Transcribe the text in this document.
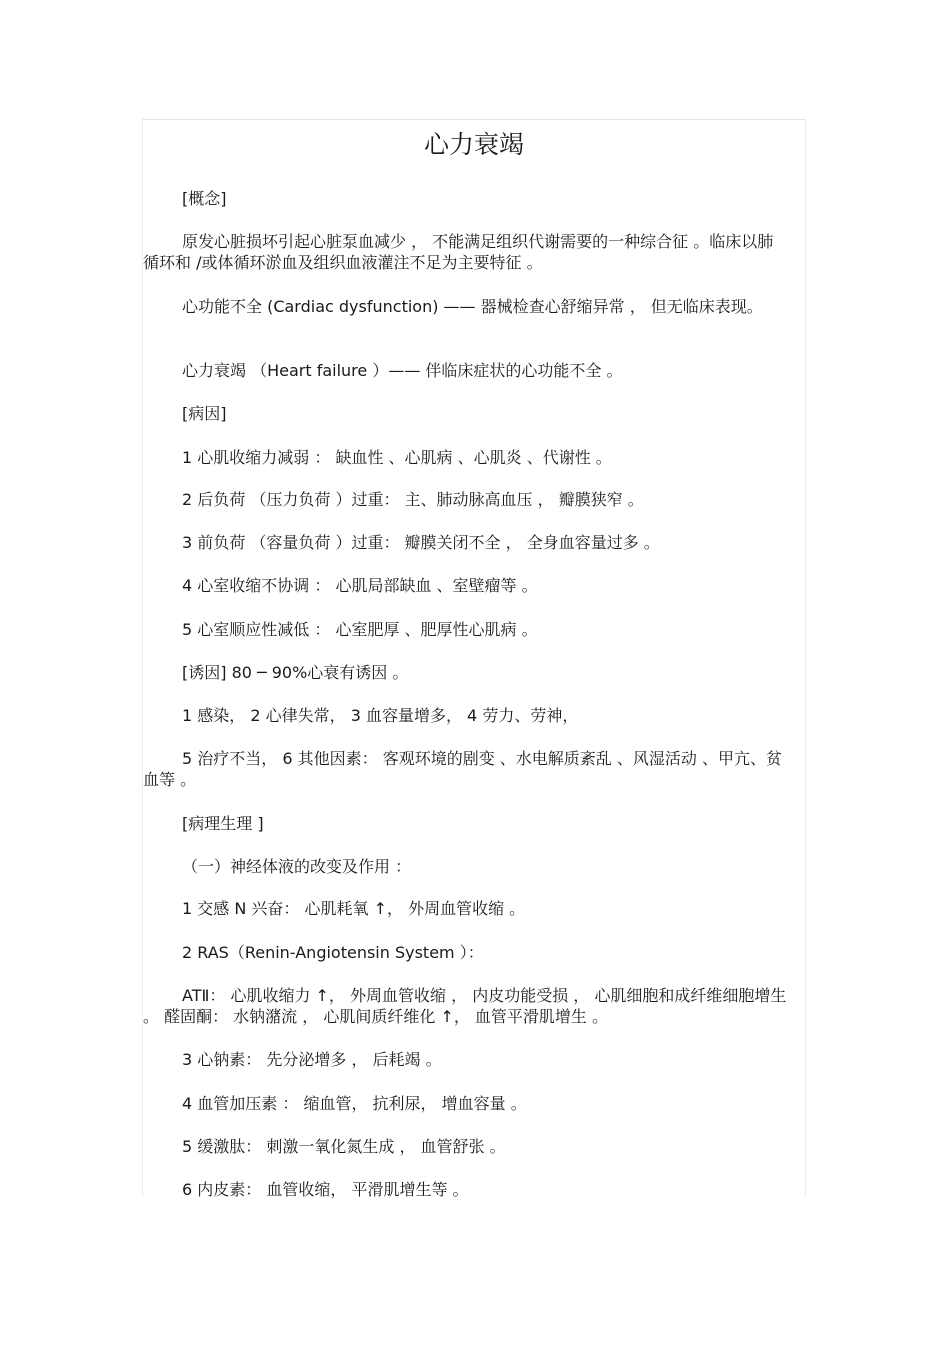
心力衰竭

[概念]

原发心脏损坏引起心脏泵血减少 ， 不能满足组织代谢需要的一种综合征 。临床以肺循环和 /或体循环淤血及组织血液灌注不足为主要特征 。

心功能不全 (Cardiac dysfunction) —— 器械检查心舒缩异常 ， 但无临床表现。

心力衰竭 （Heart failure ）—— 伴临床症状的心功能不全 。

[病因]

1 心肌收缩力减弱 ： 缺血性 、心肌病 、心肌炎 、代谢性 。

2 后负荷 （压力负荷 ）过重： 主、肺动脉高血压 ， 瓣膜狭窄 。

3 前负荷 （容量负荷 ）过重： 瓣膜关闭不全 ， 全身血容量过多 。

4 心室收缩不协调 ： 心肌局部缺血 、室壁瘤等 。

5 心室顺应性减低 ： 心室肥厚 、肥厚性心肌病 。

[诱因] 80 ─ 90%心衰有诱因 。

1 感染， 2 心律失常， 3 血容量增多， 4 劳力、劳神，

5 治疗不当， 6 其他因素： 客观环境的剧变 、水电解质紊乱 、风湿活动 、甲亢、贫血等 。

[病理生理 ]

（一）神经体液的改变及作用 ：

1 交感 N 兴奋： 心肌耗氧 ↑， 外周血管收缩 。

2 RAS（Renin-Angiotensin System ）：

ATⅡ： 心肌收缩力 ↑， 外周血管收缩 ， 内皮功能受损 ， 心肌细胞和成纤维细胞增生 。 醛固酮： 水钠潴流 ， 心肌间质纤维化 ↑， 血管平滑肌增生 。

3 心钠素： 先分泌增多 ， 后耗竭 。

4 血管加压素 ： 缩血管， 抗利尿， 增血容量 。

5 缓激肽： 刺激一氧化氮生成 ， 血管舒张 。

6 内皮素： 血管收缩， 平滑肌增生等 。
